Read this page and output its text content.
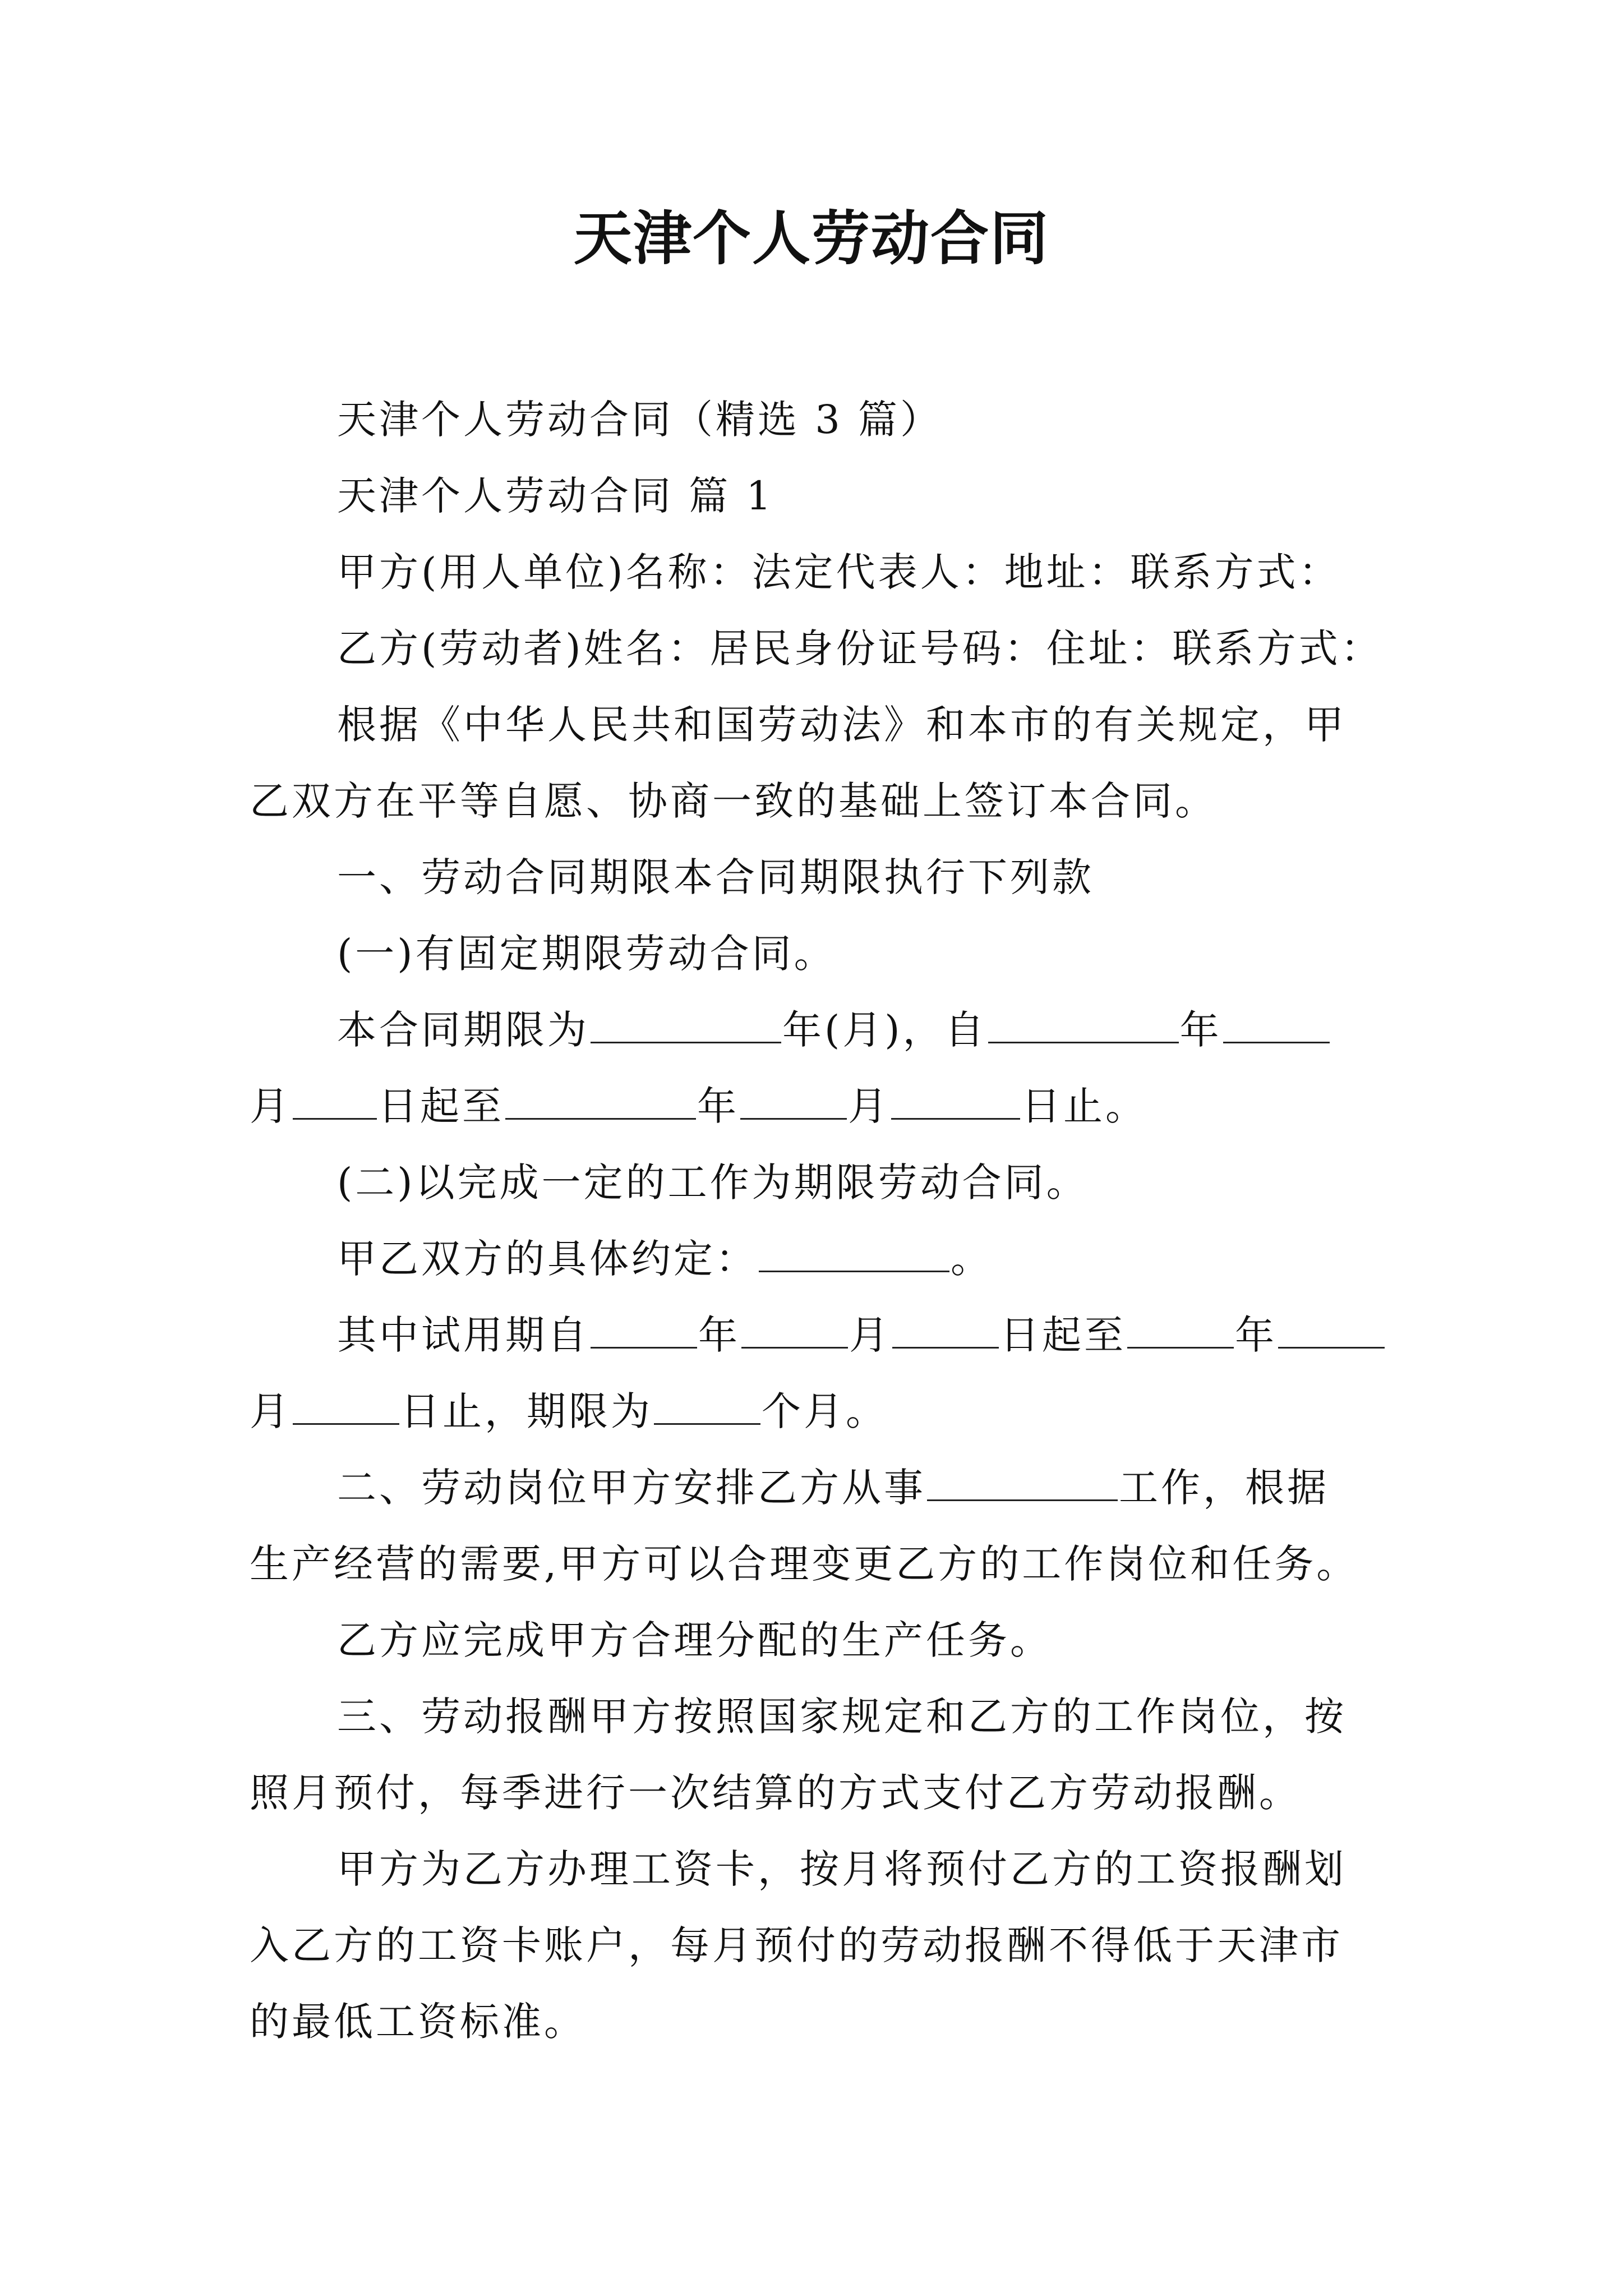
天津个人劳动合同
天津个人劳动合同（精选 3 篇）
天津个人劳动合同 篇 1
甲方(用人单位)名称：法定代表人：地址：联系方式：
乙方(劳动者)姓名：居民身份证号码：住址：联系方式：
根据《中华人民共和国劳动法》和本市的有关规定，甲
乙双方在平等自愿、协商一致的基础上签订本合同。
一、劳动合同期限本合同期限执行下列款
(一)有固定期限劳动合同。
本合同期限为	年(月)，自	年
月 日起至	年	月	日止。
(二)以完成一定的工作为期限劳动合同。
甲乙双方的具体约定：	。
其中试用期自	年	月	日起至	年
月	日止，期限为	个月。
二、劳动岗位甲方安排乙方从事	工作，根据
生产经营的需要,甲方可以合理变更乙方的工作岗位和任务。
乙方应完成甲方合理分配的生产任务。
三、劳动报酬甲方按照国家规定和乙方的工作岗位，按
照月预付，每季进行一次结算的方式支付乙方劳动报酬。
甲方为乙方办理工资卡，按月将预付乙方的工资报酬划
入乙方的工资卡账户，每月预付的劳动报酬不得低于天津市
的最低工资标准。
